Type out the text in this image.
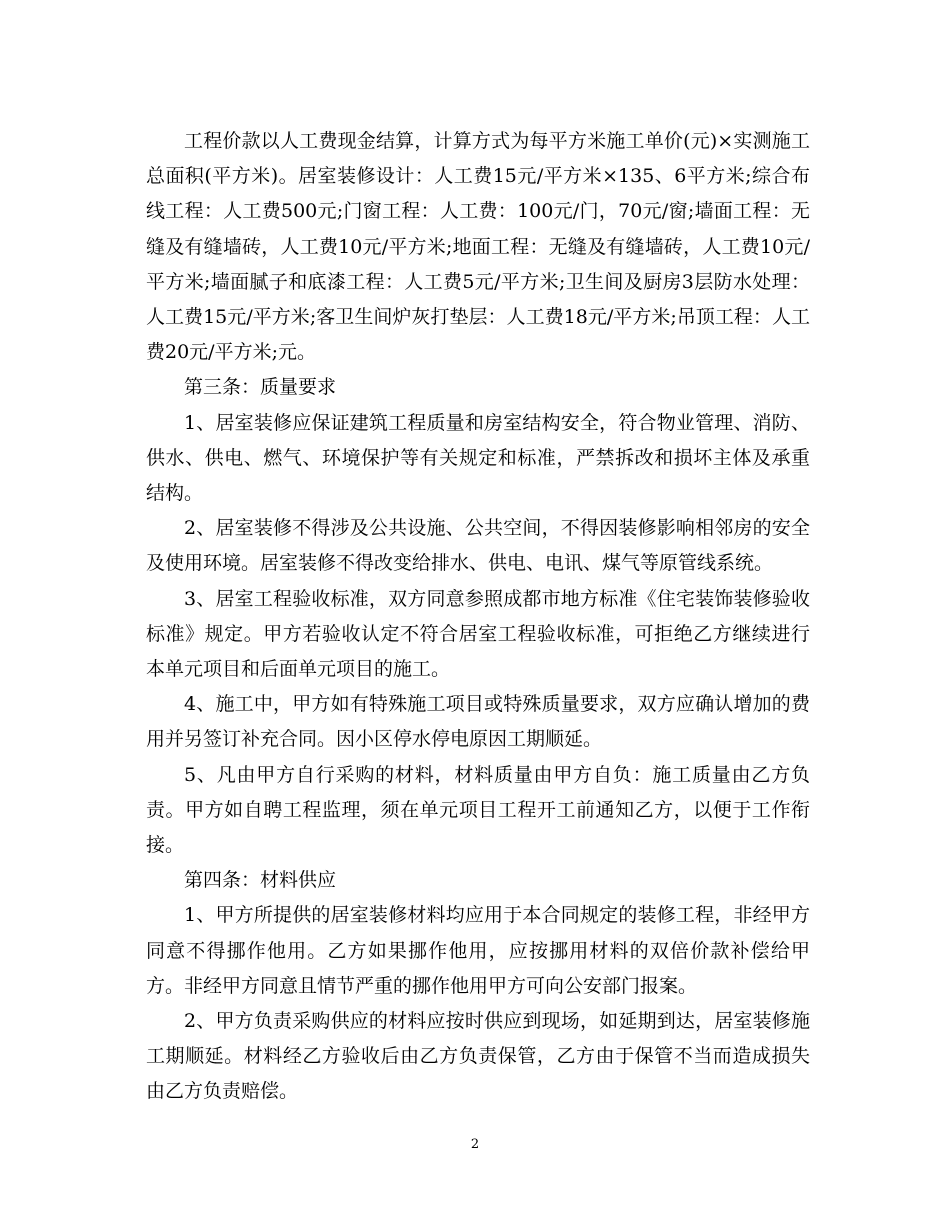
工程价款以人工费现金结算，计算方式为每平方米施工单价(元)×实测施工总面积(平方米)。居室装修设计：人工费15元/平方米×135、6平方米;综合布线工程：人工费500元;门窗工程：人工费：100元/门，70元/窗;墙面工程：无缝及有缝墙砖，人工费10元/平方米;地面工程：无缝及有缝墙砖，人工费10元/平方米;墙面腻子和底漆工程：人工费5元/平方米;卫生间及厨房3层防水处理：人工费15元/平方米;客卫生间炉灰打垫层：人工费18元/平方米;吊顶工程：人工费20元/平方米;元。

第三条：质量要求

1、居室装修应保证建筑工程质量和房室结构安全，符合物业管理、消防、供水、供电、燃气、环境保护等有关规定和标准，严禁拆改和损坏主体及承重结构。

2、居室装修不得涉及公共设施、公共空间，不得因装修影响相邻房的安全及使用环境。居室装修不得改变给排水、供电、电讯、煤气等原管线系统。

3、居室工程验收标准，双方同意参照成都市地方标准《住宅装饰装修验收标准》规定。甲方若验收认定不符合居室工程验收标准，可拒绝乙方继续进行本单元项目和后面单元项目的施工。

4、施工中，甲方如有特殊施工项目或特殊质量要求，双方应确认增加的费用并另签订补充合同。因小区停水停电原因工期顺延。

5、凡由甲方自行采购的材料，材料质量由甲方自负：施工质量由乙方负责。甲方如自聘工程监理，须在单元项目工程开工前通知乙方，以便于工作衔接。

第四条：材料供应

1、甲方所提供的居室装修材料均应用于本合同规定的装修工程，非经甲方同意不得挪作他用。乙方如果挪作他用，应按挪用材料的双倍价款补偿给甲方。非经甲方同意且情节严重的挪作他用甲方可向公安部门报案。

2、甲方负责采购供应的材料应按时供应到现场，如延期到达，居室装修施工期顺延。材料经乙方验收后由乙方负责保管，乙方由于保管不当而造成损失由乙方负责赔偿。

2
